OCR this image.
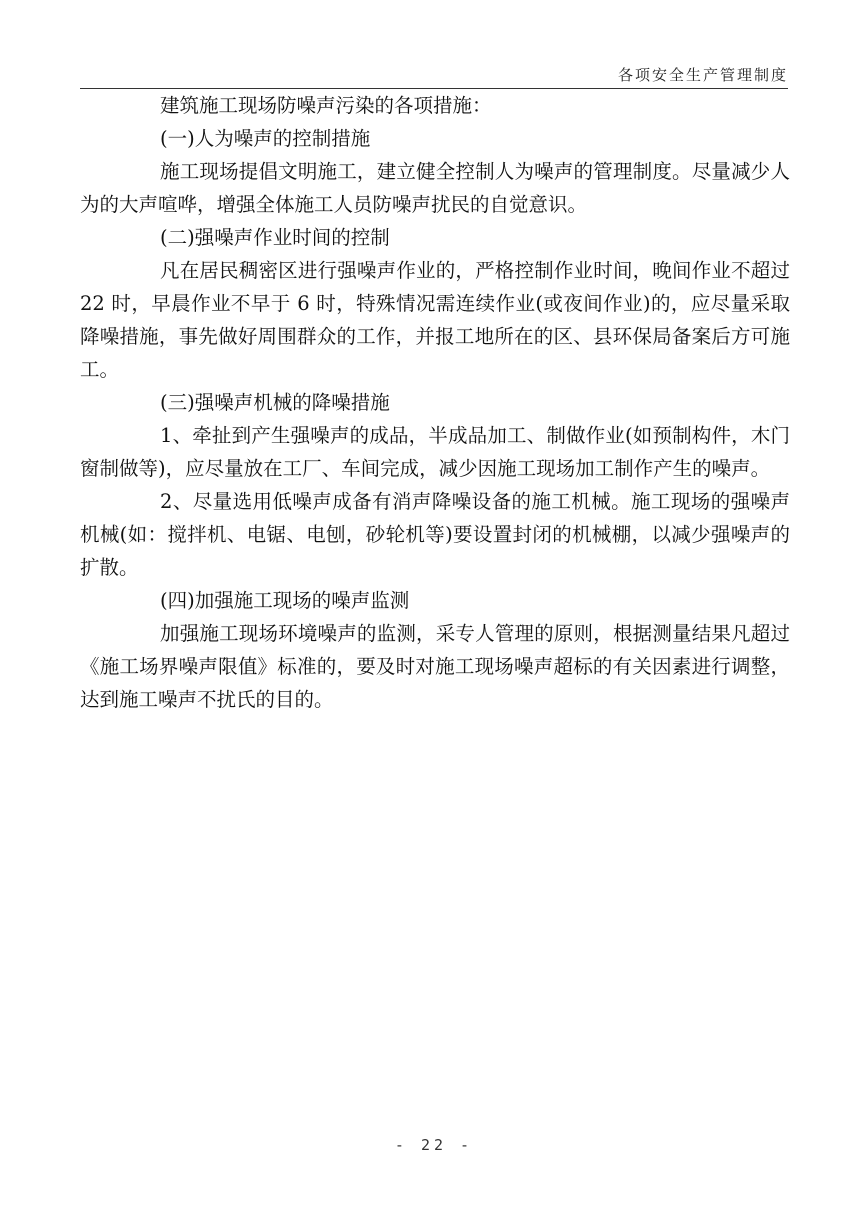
各项安全生产管理制度

建筑施工现场防噪声污染的各项措施：

(一)人为噪声的控制措施

施工现场提倡文明施工，建立健全控制人为噪声的管理制度。尽量减少人为的大声喧哗，增强全体施工人员防噪声扰民的自觉意识。

(二)强噪声作业时间的控制

凡在居民稠密区进行强噪声作业的，严格控制作业时间，晚间作业不超过 22 时，早晨作业不早于 6 时，特殊情况需连续作业(或夜间作业)的，应尽量采取降噪措施，事先做好周围群众的工作，并报工地所在的区、县环保局备案后方可施工。

(三)强噪声机械的降噪措施

1、牵扯到产生强噪声的成品，半成品加工、制做作业(如预制构件，木门窗制做等)，应尽量放在工厂、车间完成，减少因施工现场加工制作产生的噪声。

2、尽量选用低噪声成备有消声降噪设备的施工机械。施工现场的强噪声机械(如：搅拌机、电锯、电刨，砂轮机等)要设置封闭的机械棚，以减少强噪声的扩散。

(四)加强施工现场的噪声监测

加强施工现场环境噪声的监测，采专人管理的原则，根据测量结果凡超过《施工场界噪声限值》标准的，要及时对施工现场噪声超标的有关因素进行调整，达到施工噪声不扰氏的目的。

- 22 -
